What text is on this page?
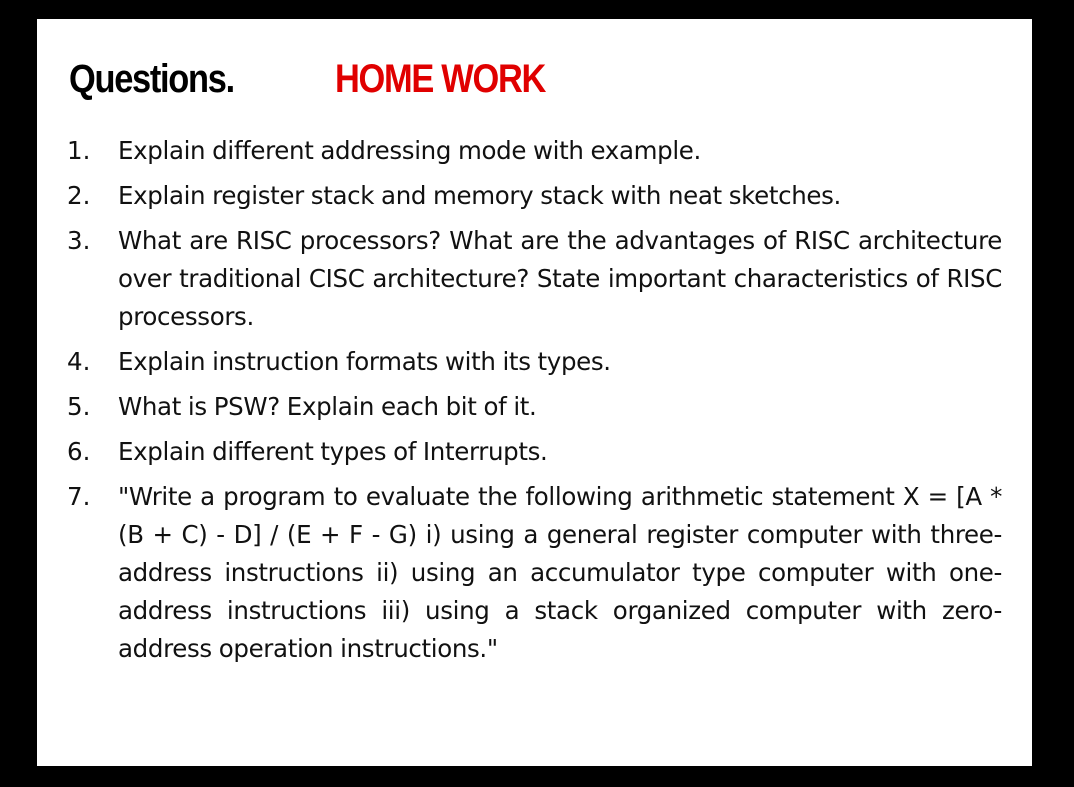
Questions.	HOME WORK
1. Explain different addressing mode with example.
2. Explain register stack and memory stack with neat sketches.
3. What are RISC processors? What are the advantages of RISC architecture over traditional CISC architecture? State important characteristics of RISC processors.
4. Explain instruction formats with its types.
5. What is PSW? Explain each bit of it.
6. Explain different types of Interrupts.
7. "Write a program to evaluate the following arithmetic statement X = [A * (B + C) - D] / (E + F - G) i) using a general register computer with three-address instructions ii) using an accumulator type computer with one-address instructions iii) using a stack organized computer with zero-address operation instructions."
